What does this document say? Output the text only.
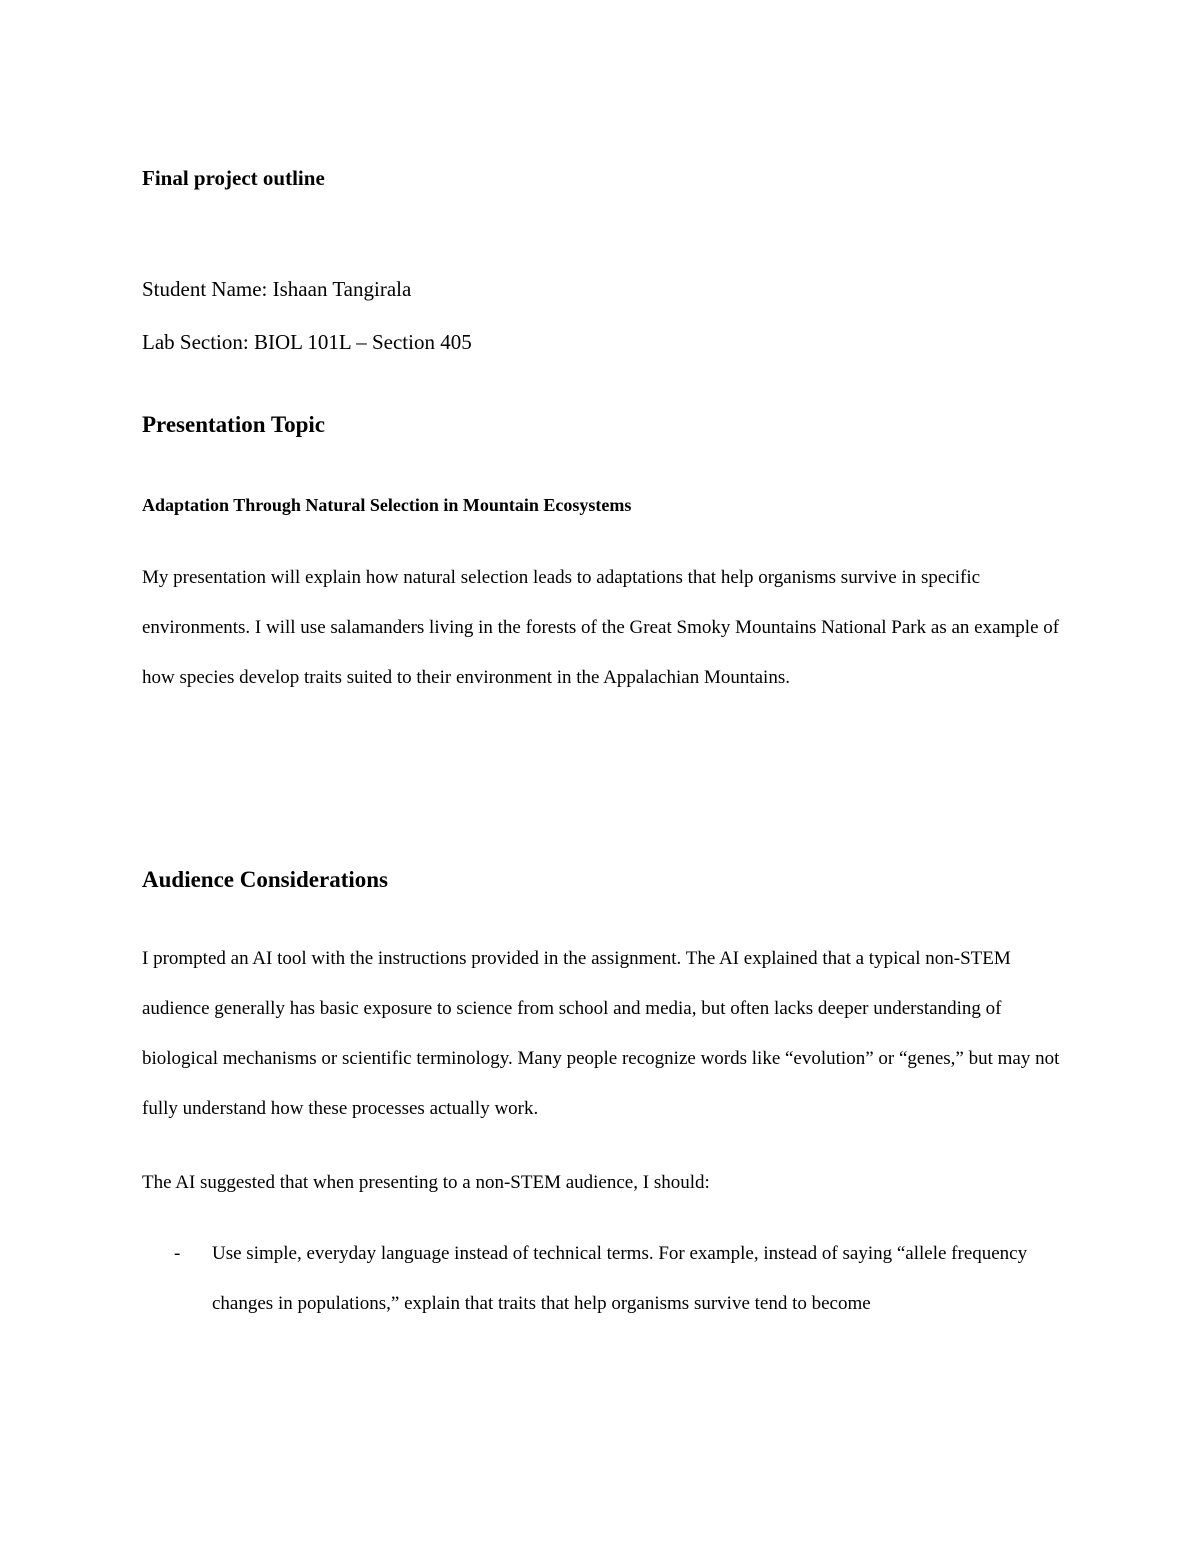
Final project outline

Student Name: Ishaan Tangirala

Lab Section: BIOL 101L – Section 405

Presentation Topic
Adaptation Through Natural Selection in Mountain Ecosystems

My presentation will explain how natural selection leads to adaptations that help organisms survive in specific environments. I will use salamanders living in the forests of the Great Smoky Mountains National Park as an example of how species develop traits suited to their environment in the Appalachian Mountains.

Audience Considerations

I prompted an AI tool with the instructions provided in the assignment. The AI explained that a typical non-STEM audience generally has basic exposure to science from school and media, but often lacks deeper understanding of biological mechanisms or scientific terminology. Many people recognize words like “evolution” or “genes,” but may not fully understand how these processes actually work.

The AI suggested that when presenting to a non-STEM audience, I should:

- Use simple, everyday language instead of technical terms. For example, instead of saying “allele frequency changes in populations,” explain that traits that help organisms survive tend to become
